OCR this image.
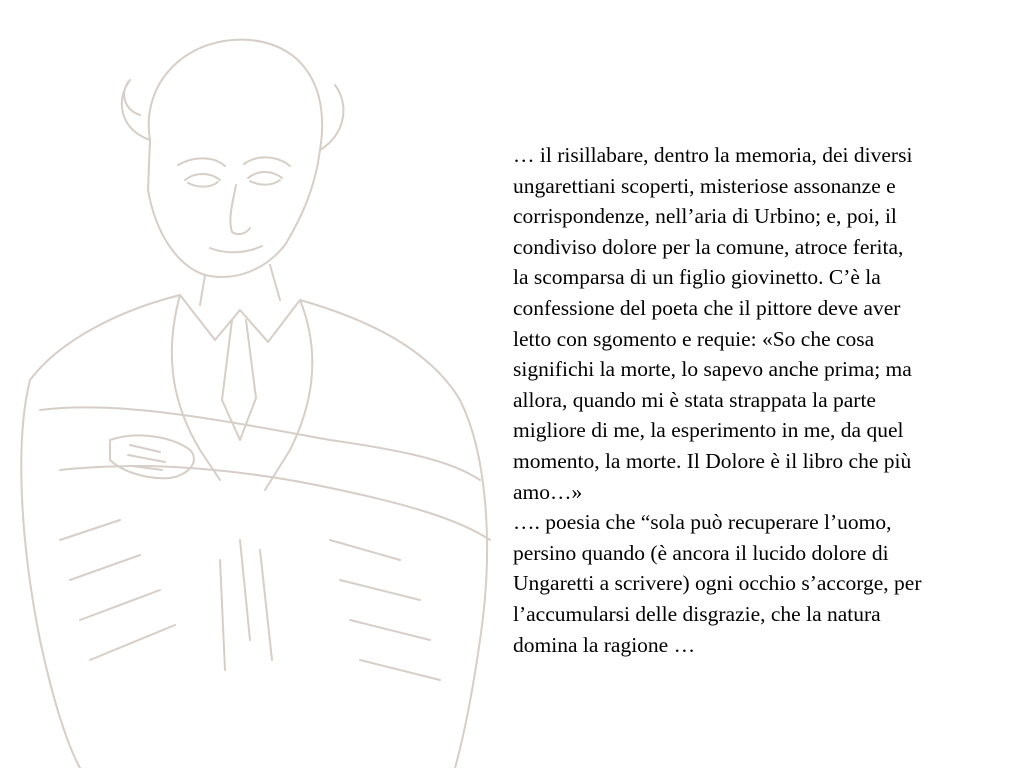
… il risillabare, dentro la memoria, dei diversi
ungarettiani scoperti, misteriose assonanze e
corrispondenze, nell’aria di Urbino; e, poi, il
condiviso dolore per la comune, atroce ferita,
la scomparsa di un figlio giovinetto. C’è la
confessione del poeta che il pittore deve aver
letto con sgomento e requie: «So che cosa
significhi la morte, lo sapevo anche prima; ma
allora, quando mi è stata strappata la parte
migliore di me, la esperimento in me, da quel
momento, la morte. Il Dolore è il libro che più
amo…»

…. poesia che “sola può recuperare l’uomo,
persino quando (è ancora il lucido dolore di
Ungaretti a scrivere) ogni occhio s’accorge, per
l’accumularsi delle disgrazie, che la natura
domina la ragione …
